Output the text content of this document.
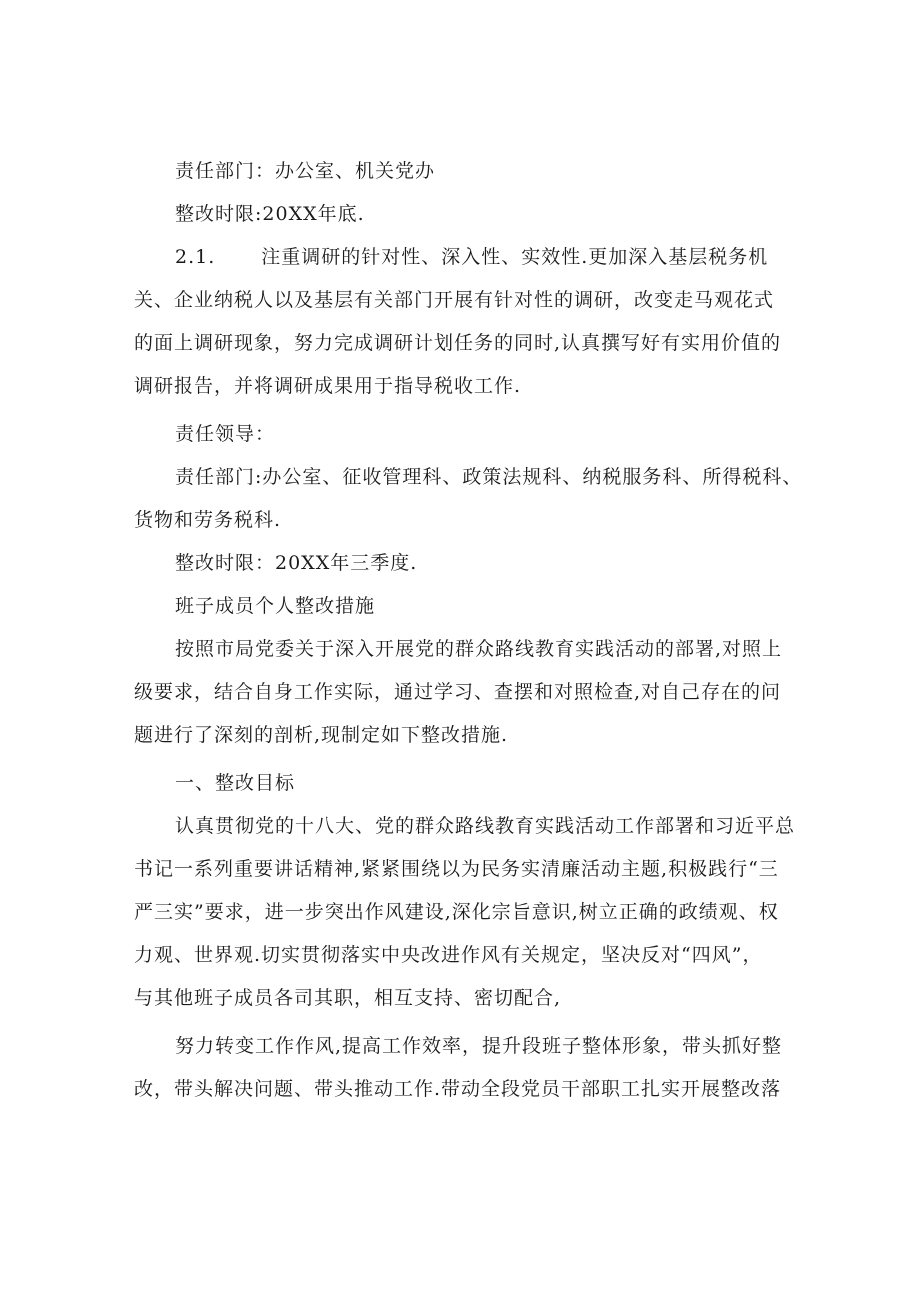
责任部门：办公室、机关党办
整改时限:20XX年底.
2.1. 注重调研的针对性、深入性、实效性.更加深入基层税务机
关、企业纳税人以及基层有关部门开展有针对性的调研，改变走马观花式
的面上调研现象，努力完成调研计划任务的同时,认真撰写好有实用价值的
调研报告，并将调研成果用于指导税收工作.
责任领导：
责任部门:办公室、征收管理科、政策法规科、纳税服务科、所得税科、
货物和劳务税科.
整改时限：20XX年三季度.
班子成员个人整改措施
按照市局党委关于深入开展党的群众路线教育实践活动的部署,对照上
级要求，结合自身工作实际，通过学习、查摆和对照检查,对自己存在的问
题进行了深刻的剖析,现制定如下整改措施.
一、整改目标
认真贯彻党的十八大、党的群众路线教育实践活动工作部署和习近平总
书记一系列重要讲话精神,紧紧围绕以为民务实清廉活动主题,积极践行“三
严三实”要求，进一步突出作风建设,深化宗旨意识,树立正确的政绩观、权
力观、世界观.切实贯彻落实中央改进作风有关规定，坚决反对“四风”，
与其他班子成员各司其职，相互支持、密切配合,
努力转变工作作风,提高工作效率，提升段班子整体形象，带头抓好整
改，带头解决问题、带头推动工作.带动全段党员干部职工扎实开展整改落
